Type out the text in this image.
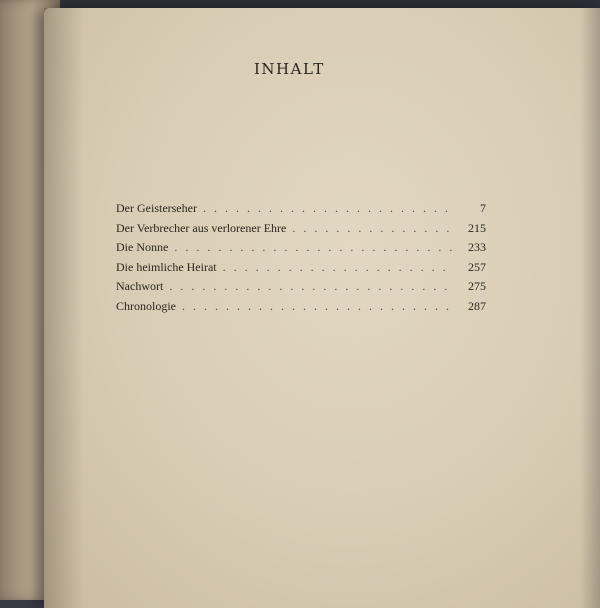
INHALT
Der Geisterseher . . .	7
Der Verbrecher aus verlorener Ehre . . .	215
Die Nonne . . .	233
Die heimliche Heirat . . .	257
Nachwort . . .	275
Chronologie . . .	287
